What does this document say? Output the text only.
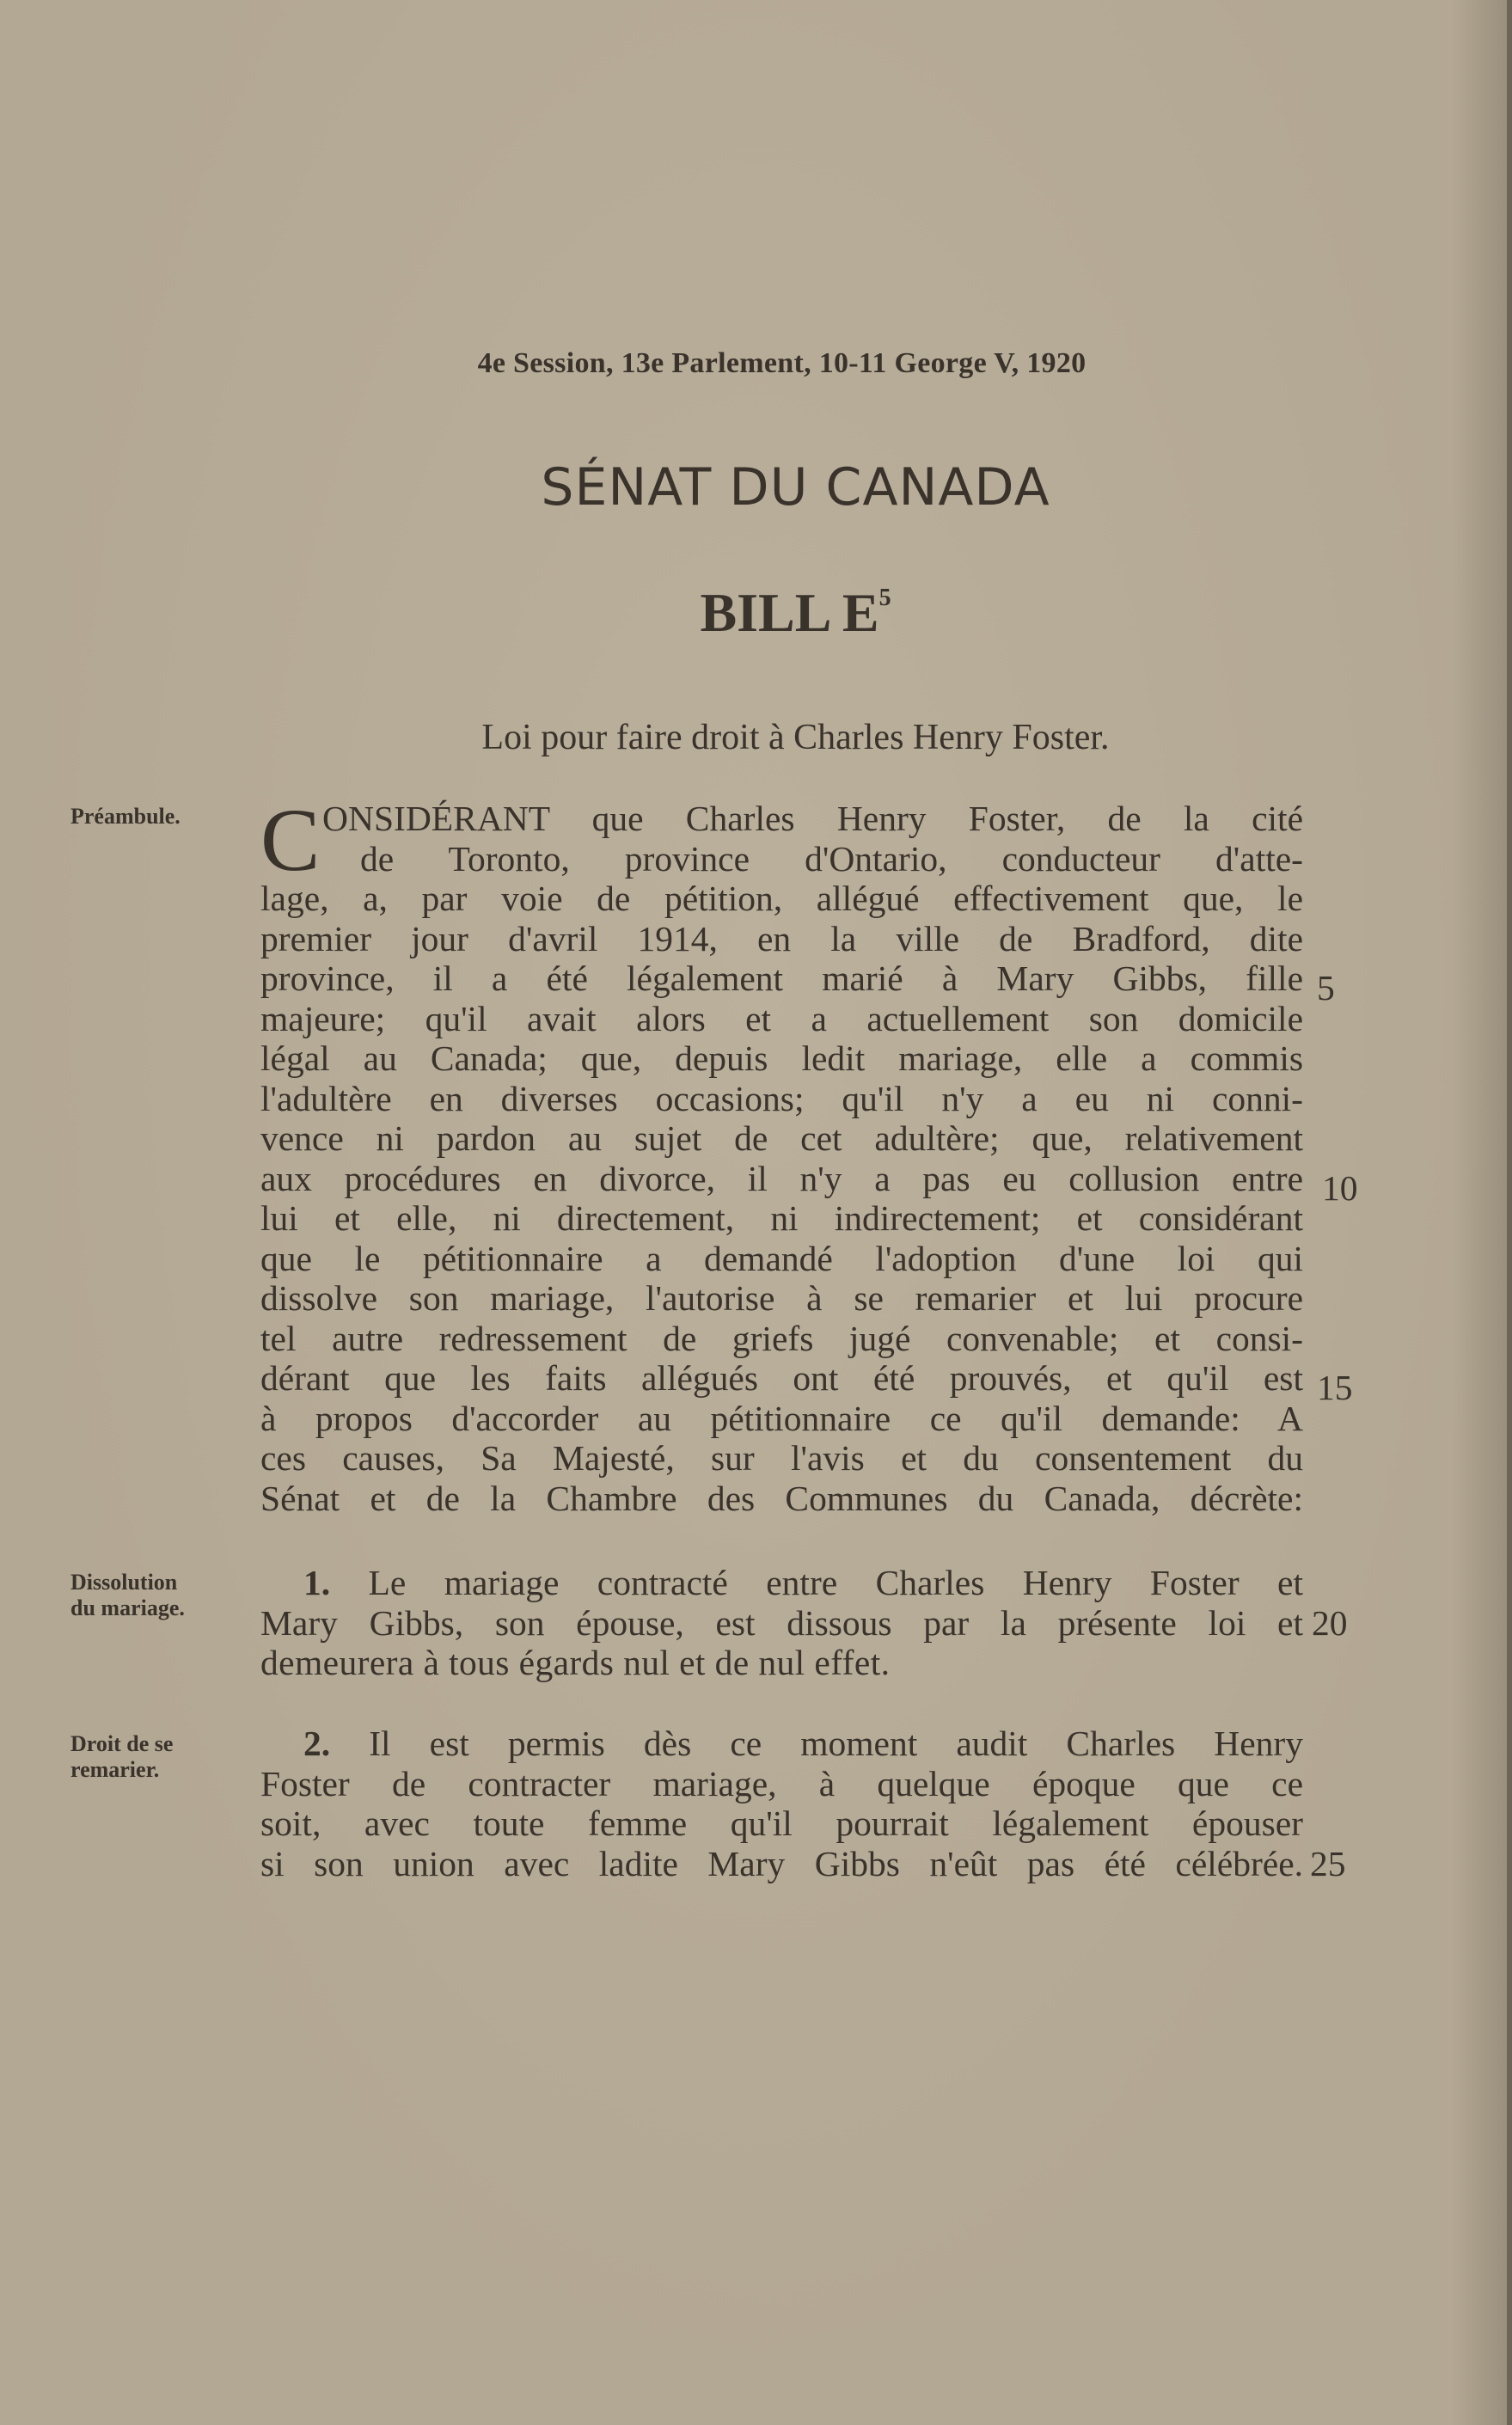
4e Session, 13e Parlement, 10-11 George V, 1920
SÉNAT DU CANADA
BILL $E^5$
Loi pour faire droit à Charles Henry Foster.
Préambule. C ONSIDÉRANT que Charles Henry Foster, de la cité
de Toronto, province d'Ontario, conducteur d'atte-
lage, a, par voie de pétition, allégué effectivement que, le
premier jour d'avril 1914, en la ville de Bradford, dite
province, il a été légalement marié à Mary Gibbs, fille
majeure; qu'il avait alors et a actuellement son domicile
légal au Canada; que, depuis ledit mariage, elle a commis
l'adultère en diverses occasions; qu'il n'y a eu ni conni-
vence ni pardon au sujet de cet adultère; que, relativement
aux procédures en divorce, il n'y a pas eu collusion entre
lui et elle, ni directement, ni indirectement; et considérant
que le pétitionnaire a demandé l'adoption d'une loi qui
dissolve son mariage, l'autorise à se remarier et lui procure
tel autre redressement de griefs jugé convenable; et consi-
dérant que les faits allégués ont été prouvés, et qu'il est
à propos d'accorder au pétitionnaire ce qu'il demande: A
ces causes, Sa Majesté, sur l'avis et du consentement du
Sénat et de la Chambre des Communes du Canada, décrète:
Dissolution
du mariage.
1. Le mariage contracté entre Charles Henry Foster et
Mary Gibbs, son épouse, est dissous par la présente loi et
demeurera à tous égards nul et de nul effet.
Droit de se
remarier.
2. Il est permis dès ce moment audit Charles Henry
Foster de contracter mariage, à quelque époque que ce
soit, avec toute femme qu'il pourrait légalement épouser
si son union avec ladite Mary Gibbs n'eût pas été célébrée.
5
10
15
20
25
